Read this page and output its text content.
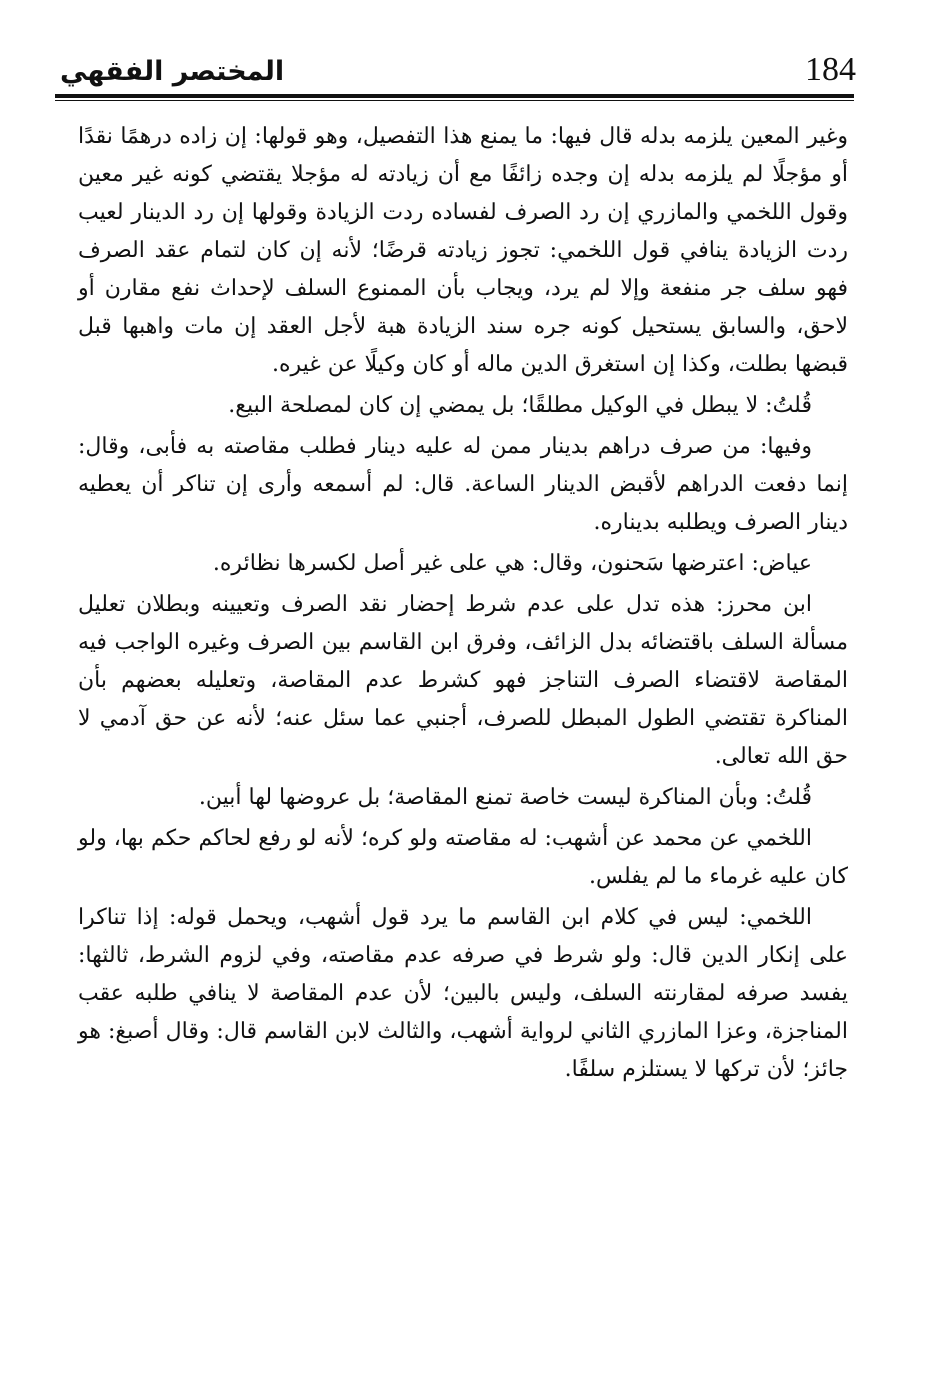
184
المختصر الفقهي

وغير المعين يلزمه بدله قال فيها: ما يمنع هذا التفصيل، وهو قولها: إن زاده درهمًا نقدًا أو مؤجلًا لم يلزمه بدله إن وجده زائفًا مع أن زيادته له مؤجلا يقتضي كونه غير معين وقول اللخمي والمازري إن رد الصرف لفساده ردت الزيادة وقولها إن رد الدينار لعيب ردت الزيادة ينافي قول اللخمي: تجوز زيادته قرضًا؛ لأنه إن كان لتمام عقد الصرف فهو سلف جر منفعة وإلا لم يرد، ويجاب بأن الممنوع السلف لإحداث نفع مقارن أو لاحق، والسابق يستحيل كونه جره سند الزيادة هبة لأجل العقد إن مات واهبها قبل قبضها بطلت، وكذا إن استغرق الدين ماله أو كان وكيلًا عن غيره.

قُلتُ: لا يبطل في الوكيل مطلقًا؛ بل يمضي إن كان لمصلحة البيع.

وفيها: من صرف دراهم بدينار ممن له عليه دينار فطلب مقاصته به فأبى، وقال: إنما دفعت الدراهم لأقبض الدينار الساعة. قال: لم أسمعه وأرى إن تناكر أن يعطيه دينار الصرف ويطلبه بديناره.

عياض: اعترضها سَحنون، وقال: هي على غير أصل لكسرها نظائره.

ابن محرز: هذه تدل على عدم شرط إحضار نقد الصرف وتعيينه وبطلان تعليل مسألة السلف باقتضائه بدل الزائف، وفرق ابن القاسم بين الصرف وغيره الواجب فيه المقاصة لاقتضاء الصرف التناجز فهو كشرط عدم المقاصة، وتعليله بعضهم بأن المناكرة تقتضي الطول المبطل للصرف، أجنبي عما سئل عنه؛ لأنه عن حق آدمي لا حق الله تعالى.

قُلتُ: وبأن المناكرة ليست خاصة تمنع المقاصة؛ بل عروضها لها أبين.

اللخمي عن محمد عن أشهب: له مقاصته ولو كره؛ لأنه لو رفع لحاكم حكم بها، ولو كان عليه غرماء ما لم يفلس.

اللخمي: ليس في كلام ابن القاسم ما يرد قول أشهب، ويحمل قوله: إذا تناكرا على إنكار الدين قال: ولو شرط في صرفه عدم مقاصته، وفي لزوم الشرط، ثالثها: يفسد صرفه لمقارنته السلف، وليس بالبين؛ لأن عدم المقاصة لا ينافي طلبه عقب المناجزة، وعزا المازري الثاني لرواية أشهب، والثالث لابن القاسم قال: وقال أصبغ: هو جائز؛ لأن تركها لا يستلزم سلفًا.
